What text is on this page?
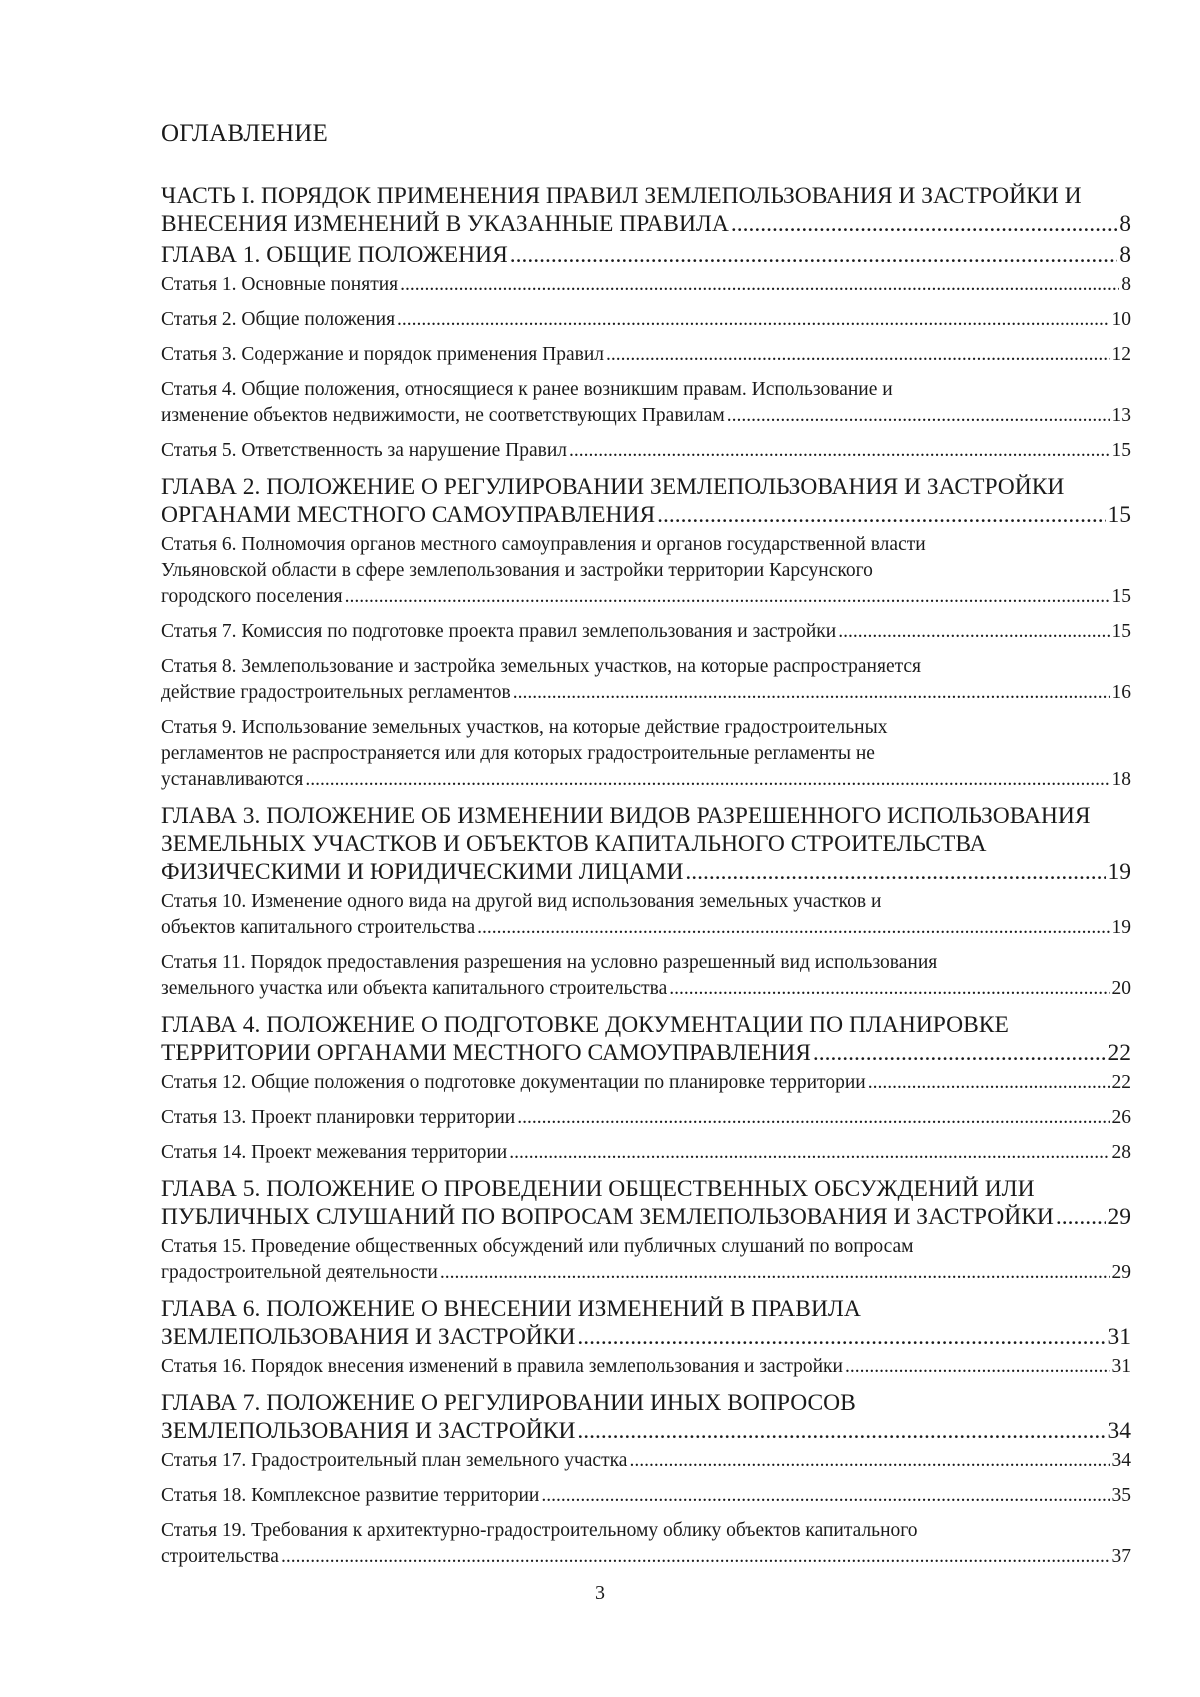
ОГЛАВЛЕНИЕ
ЧАСТЬ I. ПОРЯДОК ПРИМЕНЕНИЯ ПРАВИЛ ЗЕМЛЕПОЛЬЗОВАНИЯ И ЗАСТРОЙКИ И
ВНЕСЕНИЯ ИЗМЕНЕНИЙ В УКАЗАННЫЕ ПРАВИЛА .....	8
ГЛАВА 1. ОБЩИЕ ПОЛОЖЕНИЯ .....	8
Статья 1. Основные понятия .....	8
Статья 2. Общие положения .....	10
Статья 3. Содержание и порядок применения Правил .....	12
Статья 4. Общие положения, относящиеся к ранее возникшим правам. Использование и
изменение объектов недвижимости, не соответствующих Правилам .....	13
Статья 5. Ответственность за нарушение Правил .....	15
ГЛАВА 2. ПОЛОЖЕНИЕ О РЕГУЛИРОВАНИИ ЗЕМЛЕПОЛЬЗОВАНИЯ И ЗАСТРОЙКИ
ОРГАНАМИ МЕСТНОГО САМОУПРАВЛЕНИЯ .....	15
Статья 6. Полномочия органов местного самоуправления и органов государственной власти
Ульяновской области в сфере землепользования и застройки территории Карсунского
городского поселения .....	15
Статья 7. Комиссия по подготовке проекта правил землепользования и застройки .....	15
Статья 8. Землепользование и застройка земельных участков, на которые распространяется
действие градостроительных регламентов .....	16
Статья 9. Использование земельных участков, на которые действие градостроительных
регламентов не распространяется или для которых градостроительные регламенты не
устанавливаются .....	18
ГЛАВА 3. ПОЛОЖЕНИЕ ОБ ИЗМЕНЕНИИ ВИДОВ РАЗРЕШЕННОГО ИСПОЛЬЗОВАНИЯ
ЗЕМЕЛЬНЫХ УЧАСТКОВ И ОБЪЕКТОВ КАПИТАЛЬНОГО СТРОИТЕЛЬСТВА
ФИЗИЧЕСКИМИ И ЮРИДИЧЕСКИМИ ЛИЦАМИ .....	19
Статья 10. Изменение одного вида на другой вид использования земельных участков и
объектов капитального строительства .....	19
Статья 11. Порядок предоставления разрешения на условно разрешенный вид использования
земельного участка или объекта капитального строительства .....	20
ГЛАВА 4. ПОЛОЖЕНИЕ О ПОДГОТОВКЕ ДОКУМЕНТАЦИИ ПО ПЛАНИРОВКЕ
ТЕРРИТОРИИ ОРГАНАМИ МЕСТНОГО САМОУПРАВЛЕНИЯ .....	22
Статья 12. Общие положения о подготовке документации по планировке территории .....	22
Статья 13. Проект планировки территории .....	26
Статья 14. Проект межевания территории .....	28
ГЛАВА 5. ПОЛОЖЕНИЕ О ПРОВЕДЕНИИ ОБЩЕСТВЕННЫХ ОБСУЖДЕНИЙ ИЛИ
ПУБЛИЧНЫХ СЛУШАНИЙ ПО ВОПРОСАМ ЗЕМЛЕПОЛЬЗОВАНИЯ И ЗАСТРОЙКИ ..... 29
Статья 15. Проведение общественных обсуждений или публичных слушаний по вопросам
градостроительной деятельности .....	29
ГЛАВА 6. ПОЛОЖЕНИЕ О ВНЕСЕНИИ ИЗМЕНЕНИЙ В ПРАВИЛА
ЗЕМЛЕПОЛЬЗОВАНИЯ И ЗАСТРОЙКИ .....	31
Статья 16. Порядок внесения изменений в правила землепользования и застройки .....	31
ГЛАВА 7. ПОЛОЖЕНИЕ О РЕГУЛИРОВАНИИ ИНЫХ ВОПРОСОВ
ЗЕМЛЕПОЛЬЗОВАНИЯ И ЗАСТРОЙКИ .....	34
Статья 17. Градостроительный план земельного участка .....	34
Статья 18. Комплексное развитие территории .....	35
Статья 19. Требования к архитектурно-градостроительному облику объектов капитального
строительства .....	37
3
